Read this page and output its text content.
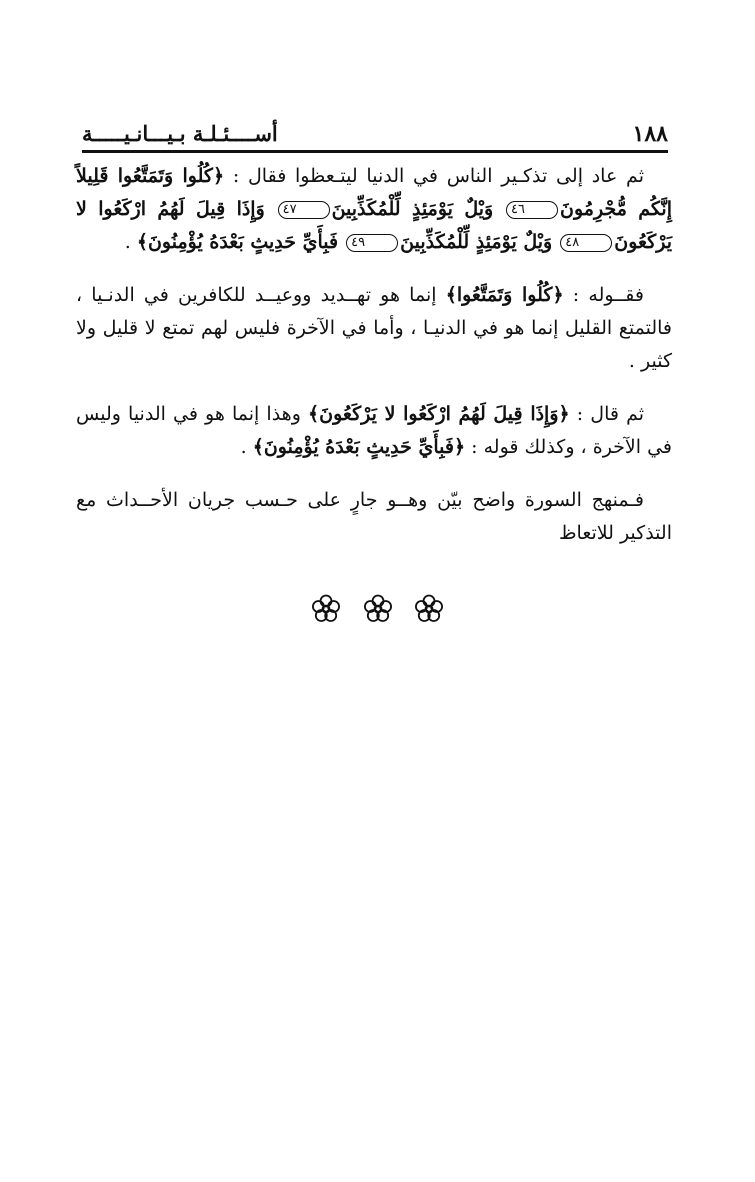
١٨٨
أســــئـلـة بـيـــانـيـــــة

ثم عاد إلى تذكـير الناس في الدنيا ليتـعظوا فقال : ﴿كُلُوا وَتَمَتَّعُوا قَلِيلاً إِنَّكُم مُّجْرِمُونَ٤٦ وَيْلٌ يَوْمَئِذٍ لِّلْمُكَذِّبِينَ٤٧ وَإِذَا قِيلَ لَهُمُ ارْكَعُوا لا يَرْكَعُونَ٤٨ وَيْلٌ يَوْمَئِذٍ لِّلْمُكَذِّبِينَ٤٩ فَبِأَيِّ حَدِيثٍ بَعْدَهُ يُؤْمِنُونَ﴾ .

فقــوله : ﴿كُلُوا وَتَمَتَّعُوا﴾ إنما هو تهــديد ووعيــد للكافرين في الدنـيا ، فالتمتع القليل إنما هو في الدنيـا ، وأما في الآخرة فليس لهم تمتع لا قليل ولا كثير .

ثم قال : ﴿وَإِذَا قِيلَ لَهُمُ ارْكَعُوا لا يَرْكَعُونَ﴾ وهذا إنما هو في الدنيا وليس في الآخرة ، وكذلك قوله : ﴿فَبِأَيِّ حَدِيثٍ بَعْدَهُ يُؤْمِنُونَ﴾ .

فـمنهج السورة واضح بيّن وهــو جارٍ على حـسب جريان الأحــداث مع التذكير للاتعاظ
